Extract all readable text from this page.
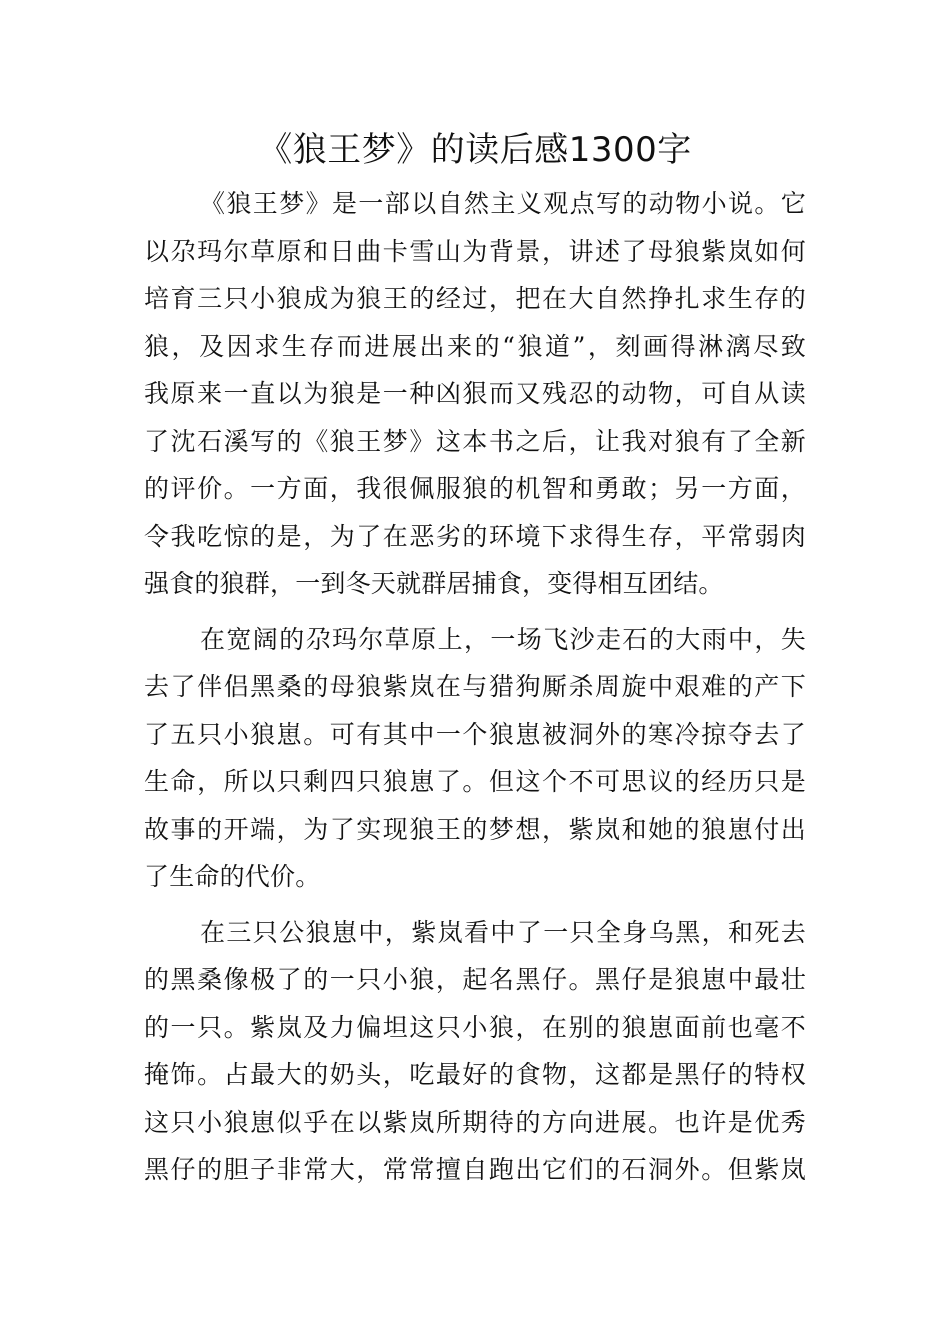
《狼王梦》的读后感1300字
《狼王梦》是一部以自然主义观点写的动物小说。它
以尕玛尔草原和日曲卡雪山为背景，讲述了母狼紫岚如何
培育三只小狼成为狼王的经过，把在大自然挣扎求生存的
狼，及因求生存而进展出来的“狼道”，刻画得淋漓尽致
我原来一直以为狼是一种凶狠而又残忍的动物，可自从读
了沈石溪写的《狼王梦》这本书之后，让我对狼有了全新
的评价。一方面，我很佩服狼的机智和勇敢；另一方面，
令我吃惊的是，为了在恶劣的环境下求得生存，平常弱肉
强食的狼群，一到冬天就群居捕食，变得相互团结。
在宽阔的尕玛尔草原上，一场飞沙走石的大雨中，失
去了伴侣黑桑的母狼紫岚在与猎狗厮杀周旋中艰难的产下
了五只小狼崽。可有其中一个狼崽被洞外的寒冷掠夺去了
生命，所以只剩四只狼崽了。但这个不可思议的经历只是
故事的开端，为了实现狼王的梦想，紫岚和她的狼崽付出
了生命的代价。
在三只公狼崽中，紫岚看中了一只全身乌黑，和死去
的黑桑像极了的一只小狼，起名黑仔。黑仔是狼崽中最壮
的一只。紫岚及力偏坦这只小狼，在别的狼崽面前也毫不
掩饰。占最大的奶头，吃最好的食物，这都是黑仔的特权
这只小狼崽似乎在以紫岚所期待的方向进展。也许是优秀
黑仔的胆子非常大，常常擅自跑出它们的石洞外。但紫岚
